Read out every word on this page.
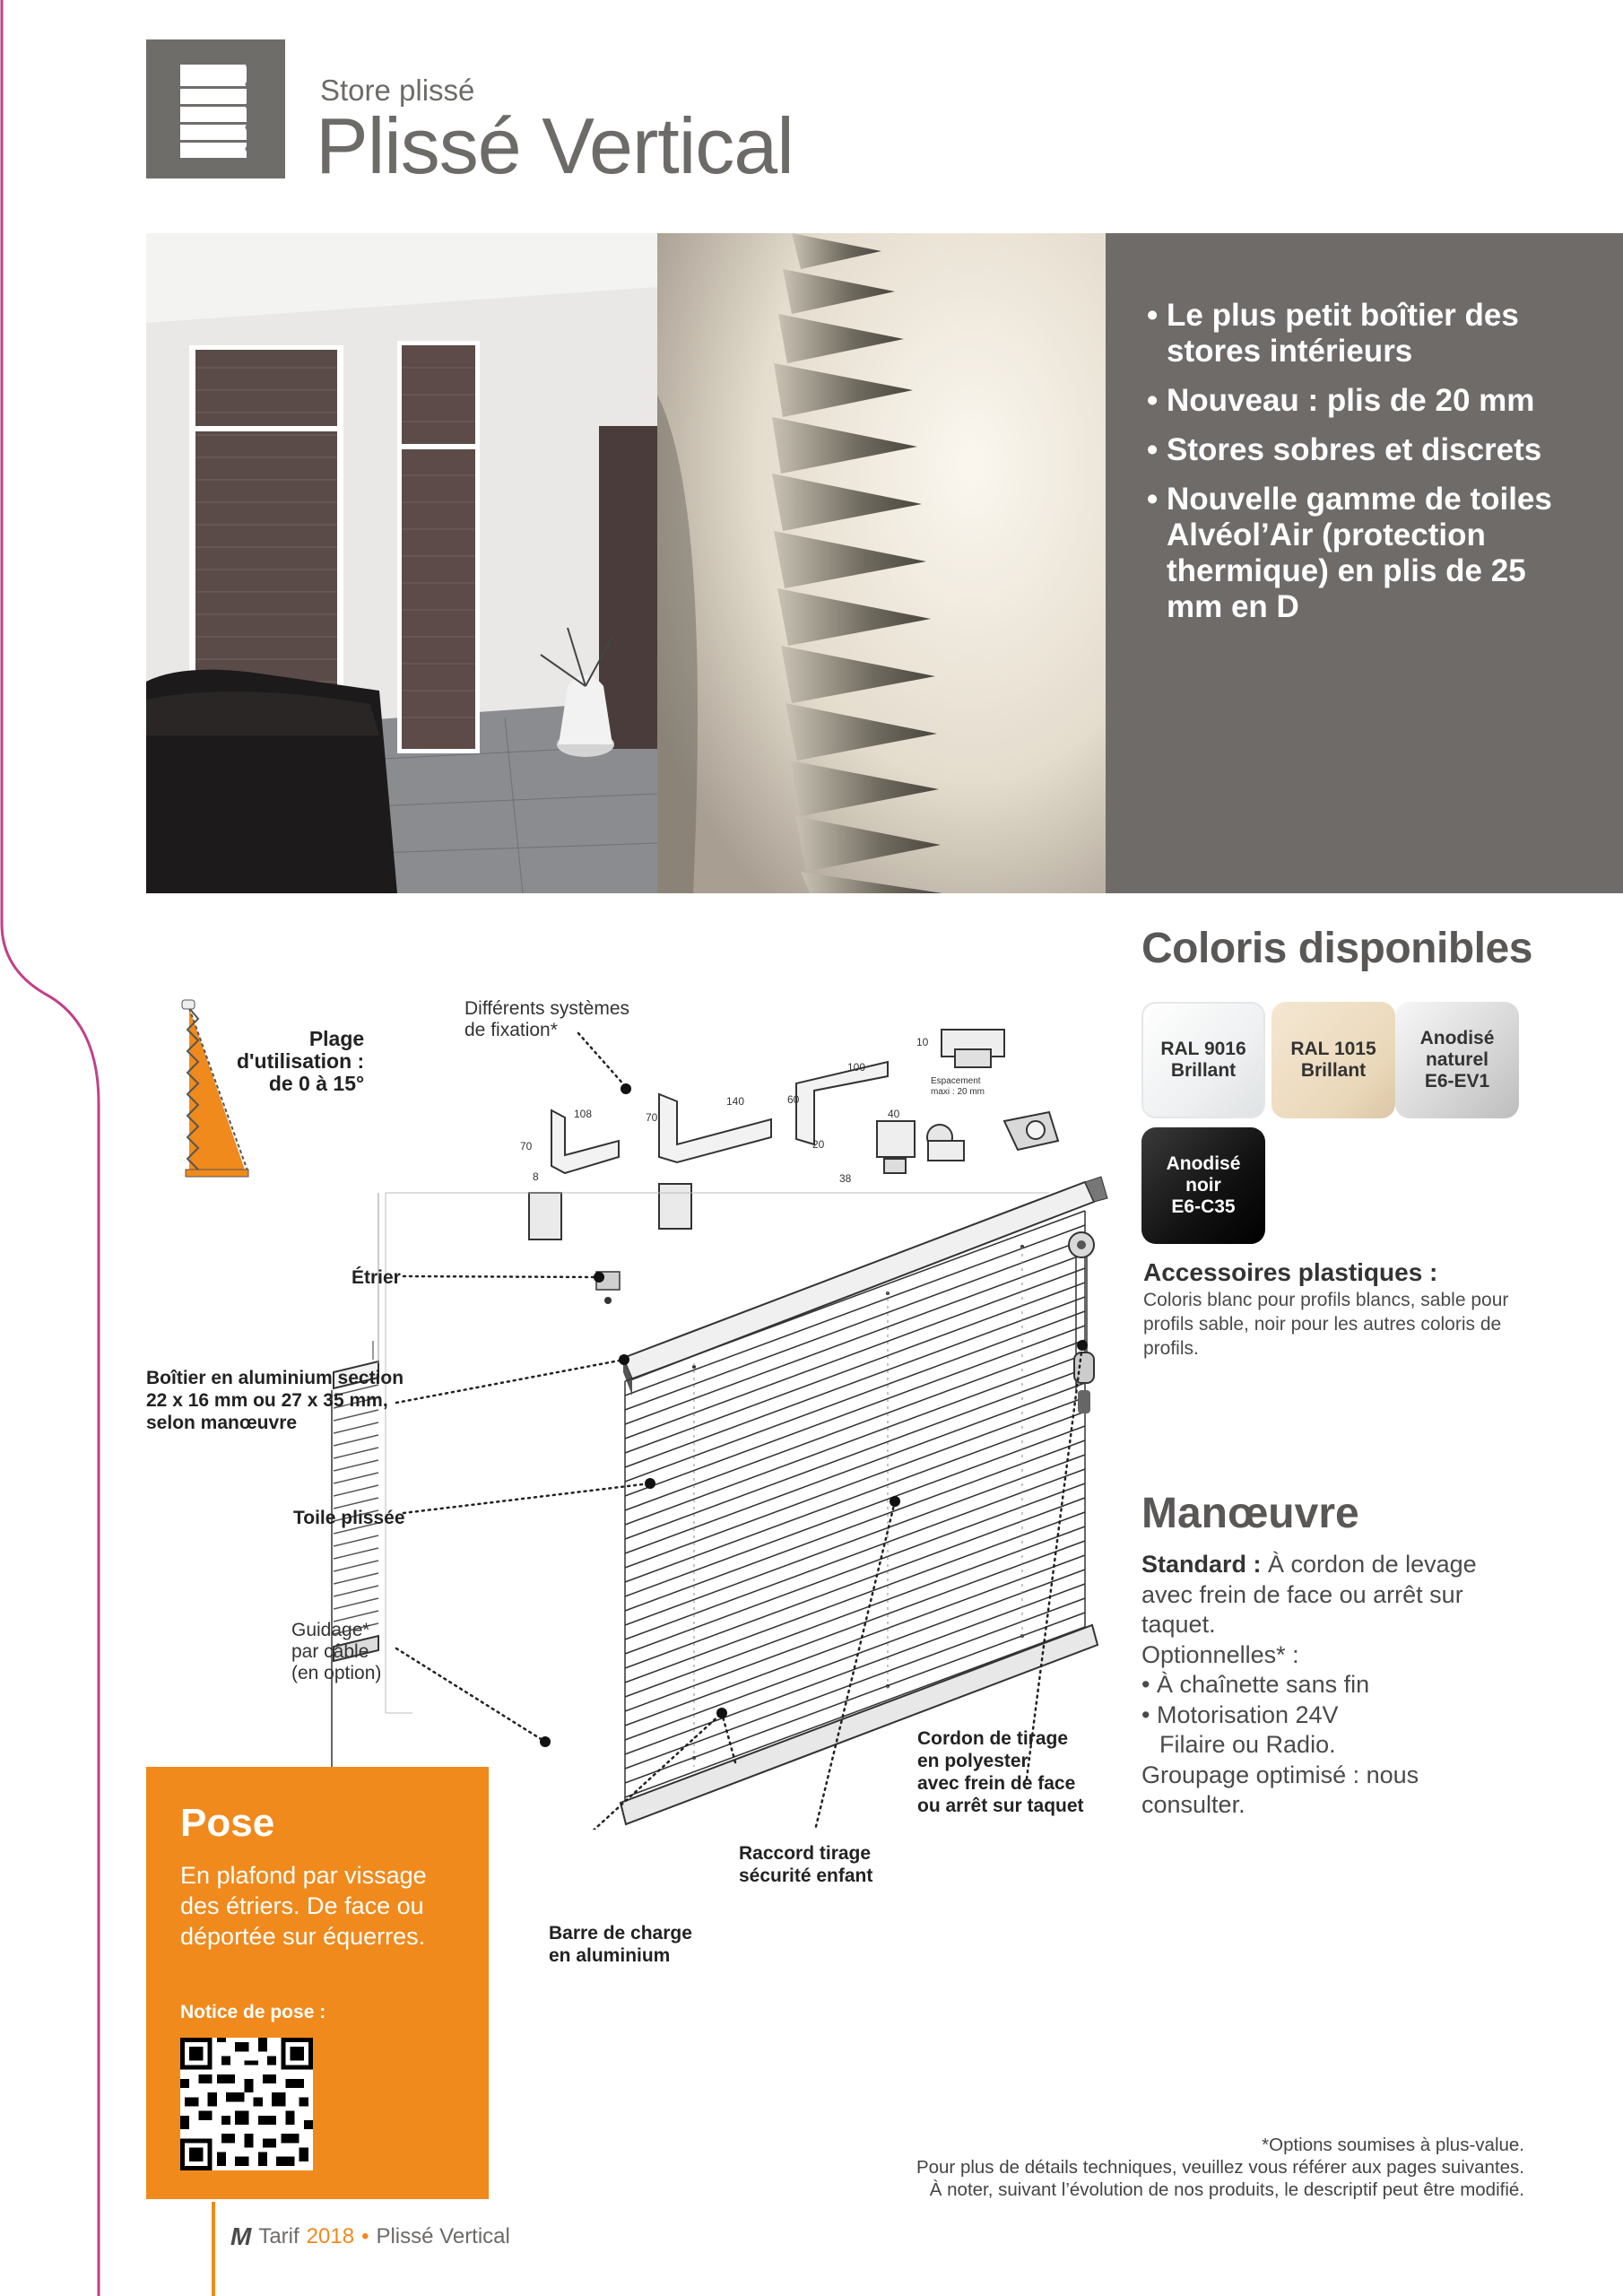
Store plissé
Plissé Vertical
• Le plus petit boîtier des stores intérieurs
• Nouveau : plis de 20 mm
• Stores sobres et discrets
• Nouvelle gamme de toiles Alvéol’Air (protection thermique) en plis de 25 mm en D
Plage
d'utilisation :
de 0 à 15°
108
70
8
140
70
100
60
20
10
40
38
Espacement
maxi : 20 mm
Différents systèmes
de fixation*
Étrier
Boîtier en aluminium section
22 x 16 mm ou 27 x 35 mm,
selon manœuvre
Toile plissée
Guidage*
par câble
(en option)
Cordon de tirage
en polyester
avec frein de face
ou arrêt sur taquet
Raccord tirage
sécurité enfant
Barre de charge
en aluminium
Coloris disponibles
RAL 9016
Brillant
RAL 1015
Brillant
Anodisé
naturel
E6-EV1
Anodisé
noir
E6-C35
Accessoires plastiques :
Coloris blanc pour profils blancs, sable pour profils sable, noir pour les autres coloris de profils.
Manœuvre
Standard : À cordon de levage avec frein de face ou arrêt sur taquet.
Optionnelles* :
• À chaînette sans fin
• Motorisation 24V
Filaire ou Radio.
Groupage optimisé : nous consulter.
Pose
En plafond par vissage des étriers. De face ou déportée sur équerres.
Notice de pose :
*Options soumises à plus-value.
Pour plus de détails techniques, veuillez vous référer aux pages suivantes.
À noter, suivant l’évolution de nos produits, le descriptif peut être modifié.
M Tarif 2018 • Plissé Vertical
